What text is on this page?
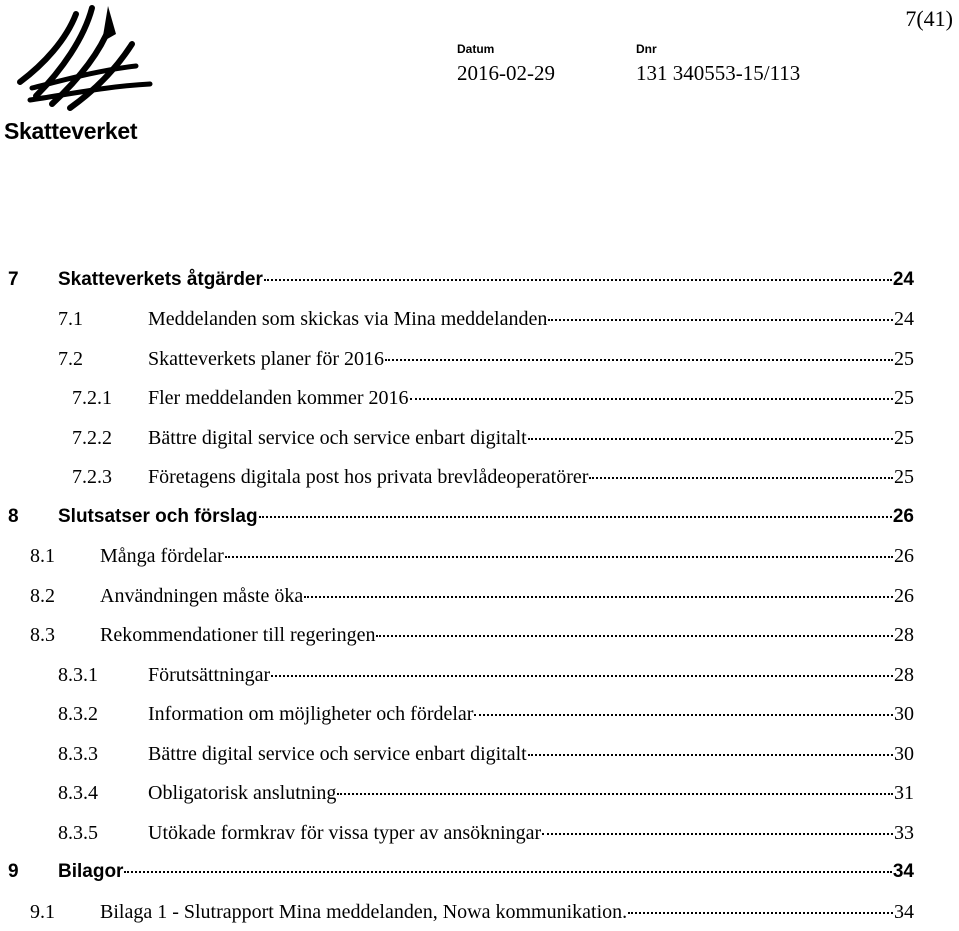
Skatteverket
7(41)
Datum
2016-02-29
Dnr
131 340553-15/113
7 Skatteverkets åtgärder	24
7.1	Meddelanden som skickas via Mina meddelanden	24
7.2	Skatteverkets planer för 2016	25
7.2.1 Fler meddelanden kommer 2016	25
7.2.2 Bättre digital service och service enbart digitalt	25
7.2.3 Företagens digitala post hos privata brevlådeoperatörer	25
8 Slutsatser och förslag	26
8.1 Många fördelar	26
8.2 Användningen måste öka	26
8.3 Rekommendationer till regeringen	28
8.3.1	Förutsättningar	28
8.3.2	Information om möjligheter och fördelar	30
8.3.3	Bättre digital service och service enbart digitalt	30
8.3.4	Obligatorisk anslutning	31
8.3.5	Utökade formkrav för vissa typer av ansökningar	33
9 Bilagor	34
9.1 Bilaga 1 - Slutrapport Mina meddelanden, Nowa kommunikation.	34
